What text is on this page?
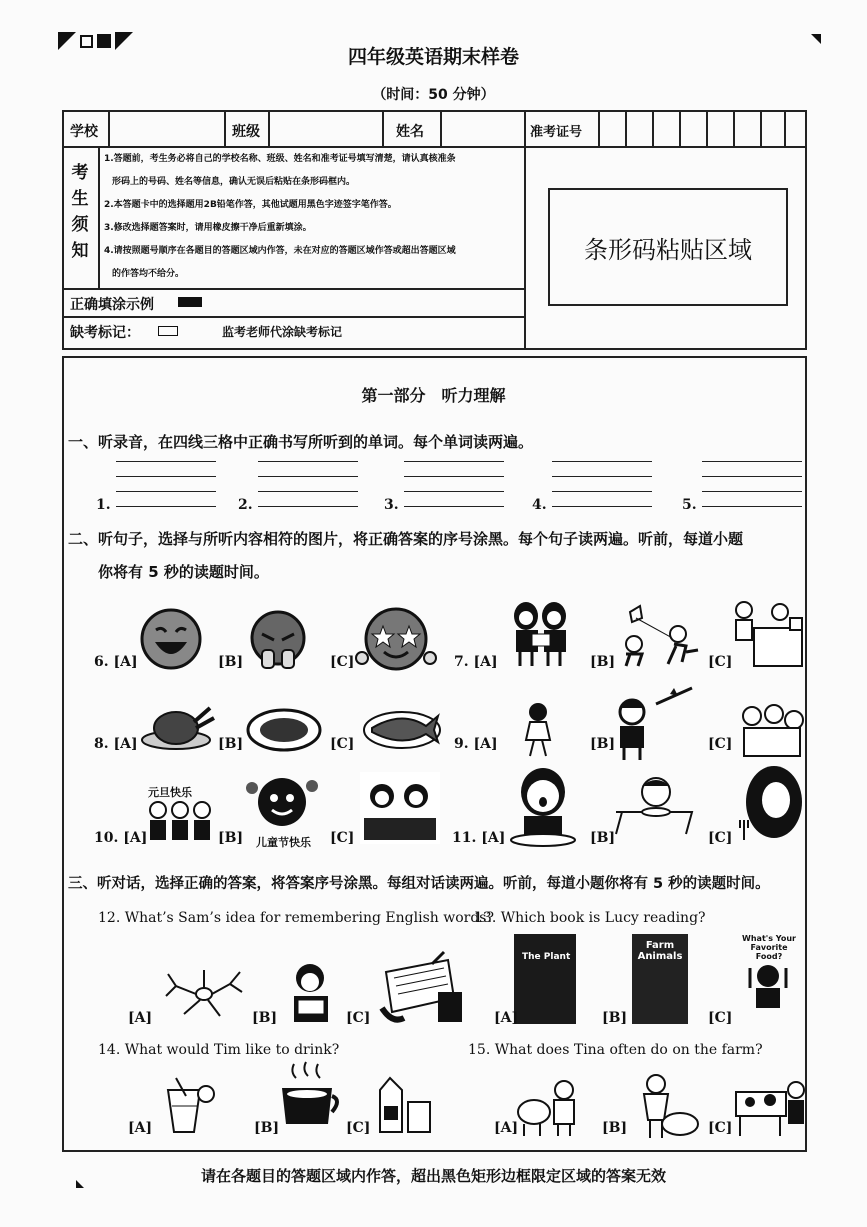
四年级英语期末样卷
（时间：50 分钟）
学校	班级	姓名	准考证号
考
生
须
知
1.答题前，考生务必将自己的学校名称、班级、姓名和准考证号填写清楚，请认真核准条
形码上的号码、姓名等信息，确认无误后粘贴在条形码框内。
2.本答题卡中的选择题用2B铅笔作答，其他试题用黑色字迹签字笔作答。
3.修改选择题答案时，请用橡皮擦干净后重新填涂。
4.请按照题号顺序在各题目的答题区域内作答，未在对应的答题区域作答或超出答题区域
的作答均不给分。
正确填涂示例
缺考标记：	监考老师代涂缺考标记
条形码粘贴区域
第一部分　听力理解
一、听录音，在四线三格中正确书写所听到的单词。每个单词读两遍。
1.	2.	3.	4.	5.
二、听句子，选择与所听内容相符的图片，将正确答案的序号涂黑。每个句子读两遍。听前，每道小题
你将有 5 秒的读题时间。
6. [A]	[B]	[C]	7. [A]	[B]	[C]
8. [A]	[B]	[C]	9. [A]	[B]	[C]
元旦快乐
儿童节快乐
10. [A]	[B]	[C]	11. [A]	[B]	[C]
三、听对话，选择正确的答案，将答案序号涂黑。每组对话读两遍。听前，每道小题你将有 5 秒的读题时间。
12. What’s Sam’s idea for remembering English words?
13. Which book is Lucy reading?
[A]	[B]	[C]
The Plant
Farm
Animals
What's Your
Favorite Food?
[A]	[B]	[C]
14. What would Tim like to drink?	15. What does Tina often do on the farm?
[A]	[B]	[C]	[A]	[B]	[C]
请在各题目的答题区域内作答，超出黑色矩形边框限定区域的答案无效
